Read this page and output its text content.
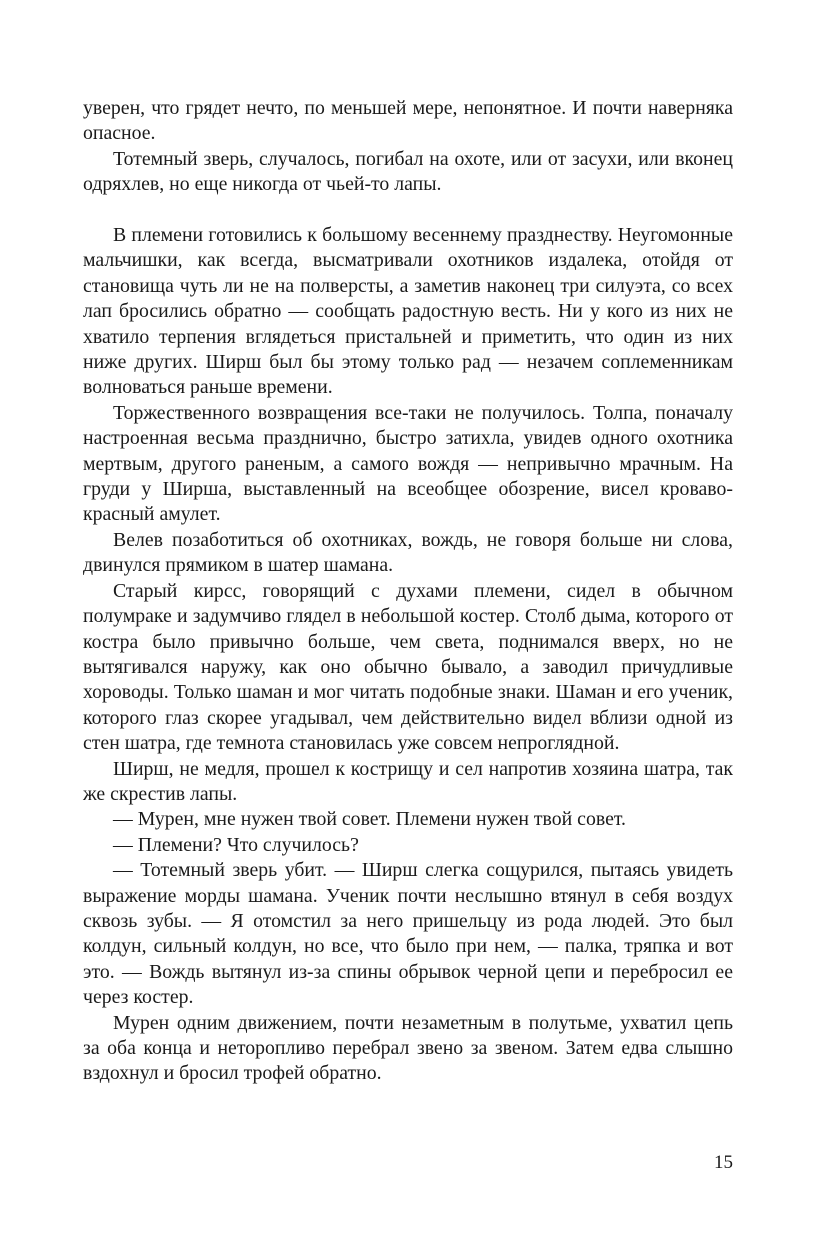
уверен, что грядет нечто, по меньшей мере, непонятное. И почти наверняка опасное.

Тотемный зверь, случалось, погибал на охоте, или от засухи, или вконец одряхлев, но еще никогда от чьей-то лапы.

В племени готовились к большому весеннему празднеству. Неугомонные мальчишки, как всегда, высматривали охотников издалека, отойдя от становища чуть ли не на полверсты, а заметив наконец три силуэта, со всех лап бросились обратно — сообщать радостную весть. Ни у кого из них не хватило терпения вглядеться пристальней и приметить, что один из них ниже других. Ширш был бы этому только рад — незачем соплеменникам волноваться раньше времени.

Торжественного возвращения все-таки не получилось. Толпа, поначалу настроенная весьма празднично, быстро затихла, увидев одного охотника мертвым, другого раненым, а самого вождя — непривычно мрачным. На груди у Ширша, выставленный на всеобщее обозрение, висел кроваво-красный амулет.

Велев позаботиться об охотниках, вождь, не говоря больше ни слова, двинулся прямиком в шатер шамана.

Старый кирсс, говорящий с духами племени, сидел в обычном полумраке и задумчиво глядел в небольшой костер. Столб дыма, которого от костра было привычно больше, чем света, поднимался вверх, но не вытягивался наружу, как оно обычно бывало, а заводил причудливые хороводы. Только шаман и мог читать подобные знаки. Шаман и его ученик, которого глаз скорее угадывал, чем действительно видел вблизи одной из стен шатра, где темнота становилась уже совсем непроглядной.

Ширш, не медля, прошел к кострищу и сел напротив хозяина шатра, так же скрестив лапы.

— Мурен, мне нужен твой совет. Племени нужен твой совет.

— Племени? Что случилось?

— Тотемный зверь убит. — Ширш слегка сощурился, пытаясь увидеть выражение морды шамана. Ученик почти неслышно втянул в себя воздух сквозь зубы. — Я отомстил за него пришельцу из рода людей. Это был колдун, сильный колдун, но все, что было при нем, — палка, тряпка и вот это. — Вождь вытянул из-за спины обрывок черной цепи и перебросил ее через костер.

Мурен одним движением, почти незаметным в полутьме, ухватил цепь за оба конца и неторопливо перебрал звено за звеном. Затем едва слышно вздохнул и бросил трофей обратно.

15
